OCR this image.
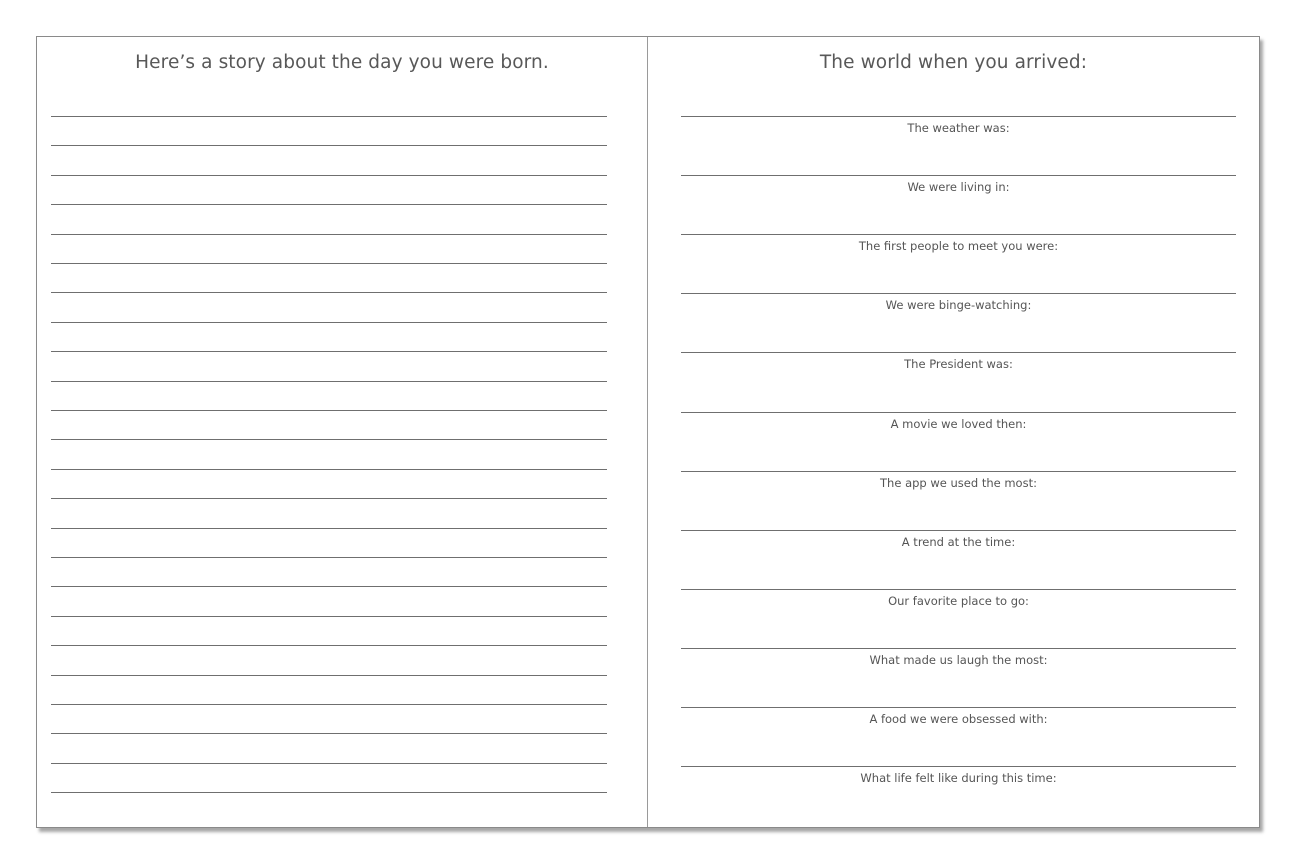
Here’s a story about the day you were born.	The world when you arrived:
The weather was:
We were living in:
The first people to meet you were:
We were binge-watching:
The President was:
A movie we loved then:
The app we used the most:
A trend at the time:
Our favorite place to go:
What made us laugh the most:
A food we were obsessed with:
What life felt like during this time:
